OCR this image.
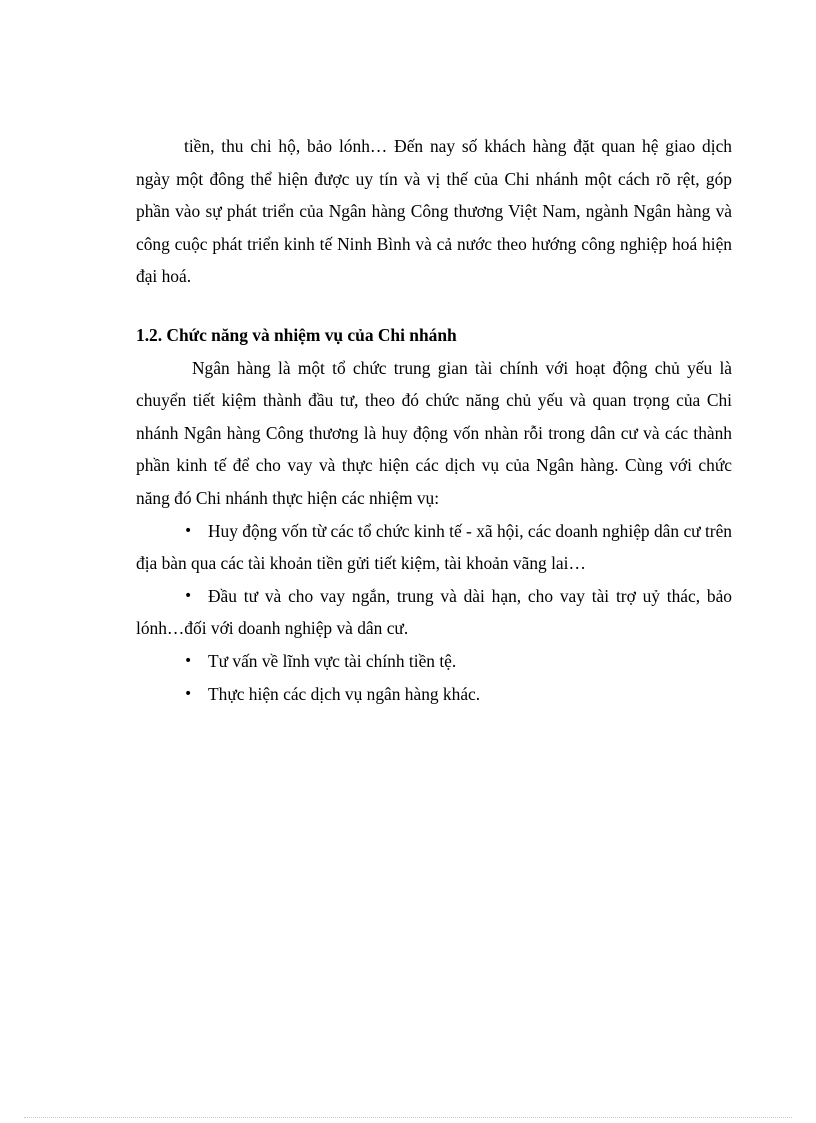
tiền, thu chi hộ, bảo lónh… Đến nay số khách hàng đặt quan hệ giao dịch ngày một đông thể hiện được uy tín và vị thế của Chi nhánh một cách rõ rệt, góp phần vào sự phát triển của Ngân hàng Công thương Việt Nam, ngành Ngân hàng và công cuộc phát triển kinh tế Ninh Bình và cả nước theo hướng công nghiệp hoá hiện đại hoá.

1.2. Chức năng và nhiệm vụ của Chi nhánh

Ngân hàng là một tổ chức trung gian tài chính với hoạt động chủ yếu là chuyển tiết kiệm thành đầu tư, theo đó chức năng chủ yếu và quan trọng của Chi nhánh Ngân hàng Công thương là huy động vốn nhàn rỗi trong dân cư và các thành phần kinh tế để cho vay và thực hiện các dịch vụ của Ngân hàng. Cùng với chức năng đó Chi nhánh thực hiện các nhiệm vụ:

• Huy động vốn từ các tổ chức kinh tế - xã hội, các doanh nghiệp dân cư trên địa bàn qua các tài khoản tiền gửi tiết kiệm, tài khoản vãng lai…
• Đầu tư và cho vay ngắn, trung và dài hạn, cho vay tài trợ uỷ thác, bảo lónh…đối với doanh nghiệp và dân cư.
• Tư vấn về lĩnh vực tài chính tiền tệ.
• Thực hiện các dịch vụ ngân hàng khác.
